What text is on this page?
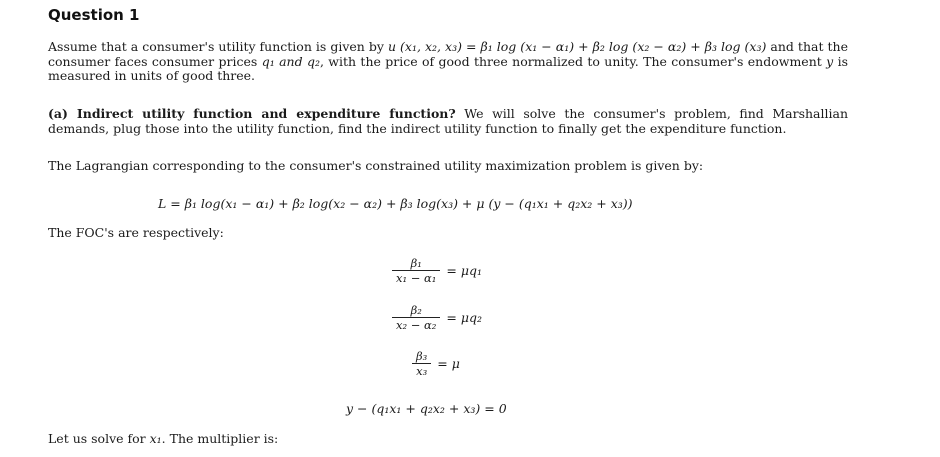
Question 1
Assume that a consumer's utility function is given by u (x₁, x₂, x₃) = β₁ log (x₁ − α₁) + β₂ log (x₂ − α₂) + β₃ log (x₃) and that the consumer faces consumer prices q₁ and q₂, with the price of good three normalized to unity. The consumer's endowment y is measured in units of good three.
(a) Indirect utility function and expenditure function? We will solve the consumer's problem, find Marshallian demands, plug those into the utility function, find the indirect utility function to finally get the expenditure function.
The Lagrangian corresponding to the consumer's constrained utility maximization problem is given by:
L = β₁ log(x₁ − α₁) + β₂ log(x₂ − α₂) + β₃ log(x₃) + μ (y − (q₁x₁ + q₂x₂ + x₃))
The FOC's are respectively:
$\frac{\text{β₁}}{\text{x₁ − α₁}} = \mu q_1$
$\frac{\text{β₂}}{\text{x₂ − α₂}} = \mu q_2$
$\frac{\text{β₃}}{\text{x₃}} = \mu$
y − (q₁x₁ + q₂x₂ + x₃) = 0
Let us solve for x₁. The multiplier is:
